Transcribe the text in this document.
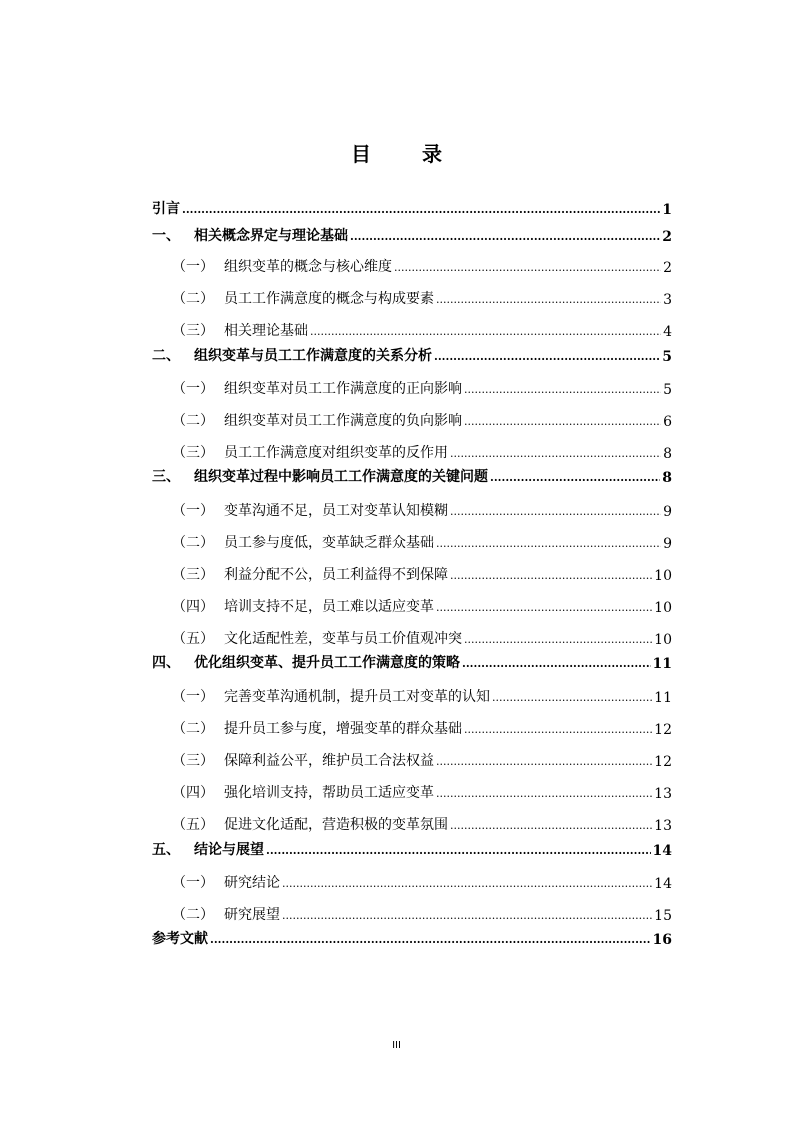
目 录
引言 .....	1
一、	相关概念界定与理论基础 .....	2
（一） 组织变革的概念与核心维度 .....	2
（二） 员工工作满意度的概念与构成要素 .....	3
（三） 相关理论基础 .....	4
二、	组织变革与员工工作满意度的关系分析 .....	5
（一） 组织变革对员工工作满意度的正向影响 .....	5
（二） 组织变革对员工工作满意度的负向影响 .....	6
（三） 员工工作满意度对组织变革的反作用 .....	8
三、	组织变革过程中影响员工工作满意度的关键问题 .....	8
（一） 变革沟通不足，员工对变革认知模糊 .....	9
（二） 员工参与度低，变革缺乏群众基础 .....	9
（三） 利益分配不公，员工利益得不到保障 .....	10
（四） 培训支持不足，员工难以适应变革 .....	10
（五） 文化适配性差，变革与员工价值观冲突 .....	10
四、	优化组织变革、提升员工工作满意度的策略 .....	11
（一） 完善变革沟通机制，提升员工对变革的认知 .....	11
（二） 提升员工参与度，增强变革的群众基础 .....	12
（三） 保障利益公平，维护员工合法权益 .....	12
（四） 强化培训支持，帮助员工适应变革 .....	13
（五） 促进文化适配，营造积极的变革氛围 .....	13
五、	结论与展望 .....	14
（一） 研究结论 .....	14
（二） 研究展望 .....	15
参考文献 .....	16
III
